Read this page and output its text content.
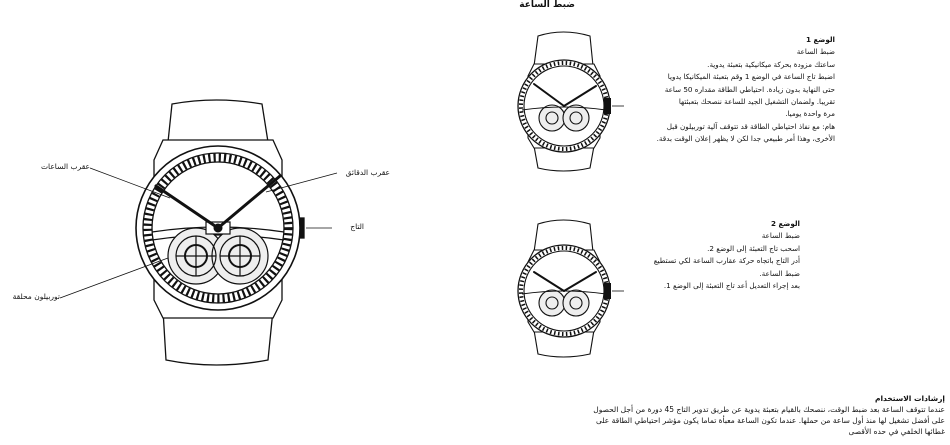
ضبط الساعة
عقرب الساعات
عقرب الدقائق
التاج
توربيلون محلقة
الوضع 1
ضبط الساعة
ساعتك مزودة بحركة ميكانيكية بتعبئة يدوية.
اضبط تاج الساعة في الوضع 1 وقم بتعبئة الميكانيكا يدويا
حتى النهاية بدون زيادة. احتياطي الطاقة مقداره 50 ساعة
تقريبا. ولضمان التشغيل الجيد للساعة ننصحك بتعبئتها
مرة واحدة يوميا.
هام: مع نفاذ احتياطي الطاقة قد تتوقف آلية توربيلون قبل
الأخرى، وهذا أمر طبيعي جدا لكن لا يظهر إعلان الوقت بدقة.
الوضع 2
ضبط الساعة
اسحب تاج التعبئة إلى الوضع 2.
أدر التاج باتجاه حركة عقارب الساعة لكي تستطيع
ضبط الساعة.
بعد إجراء التعديل أعد تاج التعبئة إلى الوضع 1.
إرشادات الاستخدام
عندما تتوقف الساعة بعد ضبط الوقت، ننصحك بالقيام بتعبئة يدوية عن طريق تدوير التاج 45 دورة من أجل الحصول
على أفضل تشغيل لها منذ أول ساعة من حملها. عندما تكون الساعة معبأة تماما يكون مؤشر احتياطي الطاقة على
غطائها الخلفي في حده الأقصى
